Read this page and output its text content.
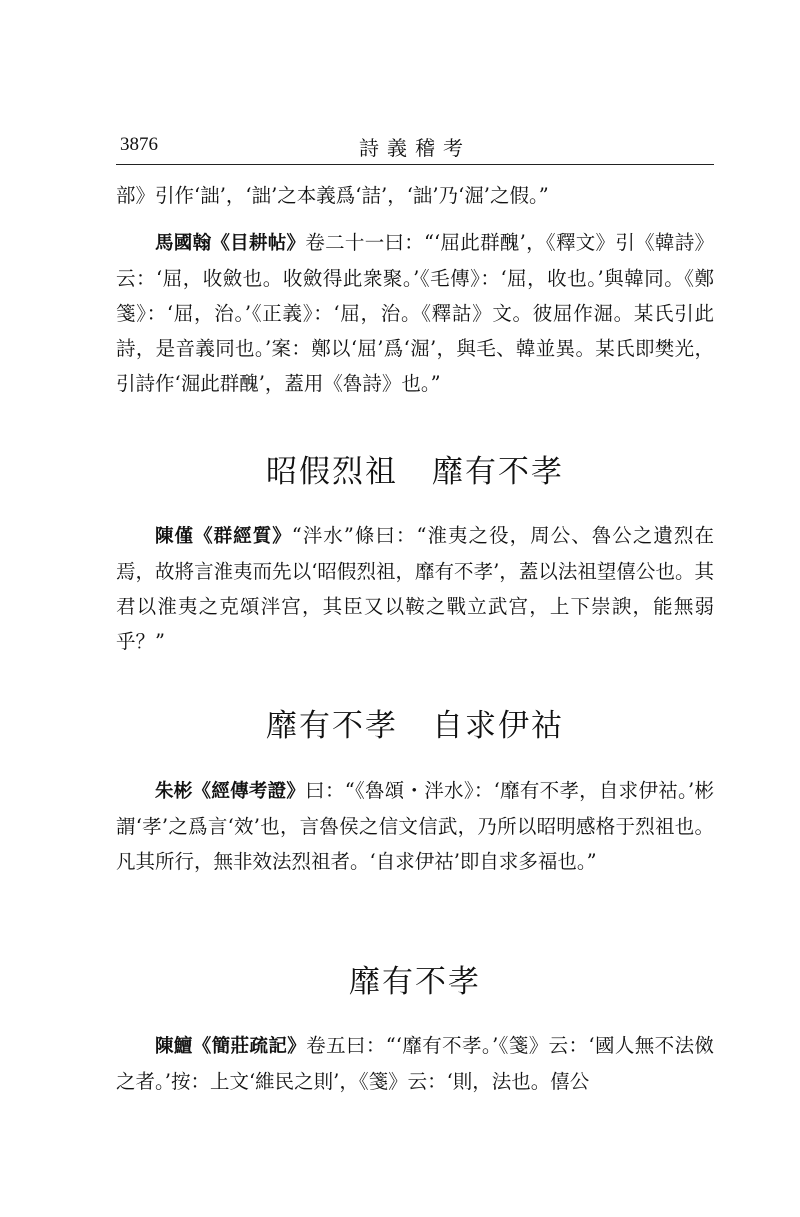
3876	詩義稽考

部》引作‘詘’，‘詘’之本義爲‘詰’，‘詘’乃‘淈’之假。”

馬國翰《目耕帖》卷二十一曰：“‘屈此群醜’，《釋文》引《韓詩》云：‘屈，收斂也。收斂得此衆聚。’《毛傳》：‘屈，收也。’與韓同。《鄭箋》：‘屈，治。’《正義》：‘屈，治。《釋詁》文。彼屈作淈。某氏引此詩，是音義同也。’案：鄭以‘屈’爲‘淈’，與毛、韓並異。某氏即樊光，引詩作‘淈此群醜’，蓋用《魯詩》也。”

昭假烈祖 靡有不孝

陳僅《群經質》“泮水”條曰：“淮夷之役，周公、魯公之遺烈在焉，故將言淮夷而先以‘昭假烈祖，靡有不孝’，蓋以法祖望僖公也。其君以淮夷之克頌泮宫，其臣又以鞍之戰立武宫，上下崇諛，能無弱乎？”

靡有不孝 自求伊祜

朱彬《經傳考證》曰：“《魯頌・泮水》：‘靡有不孝，自求伊祜。’彬謂‘孝’之爲言‘效’也，言魯侯之信文信武，乃所以昭明感格于烈祖也。凡其所行，無非效法烈祖者。‘自求伊祜’即自求多福也。”

靡有不孝

陳鱣《簡莊疏記》卷五曰：“‘靡有不孝。’《箋》云：‘國人無不法傚之者。’按：上文‘維民之則’，《箋》云：‘則，法也。僖公
